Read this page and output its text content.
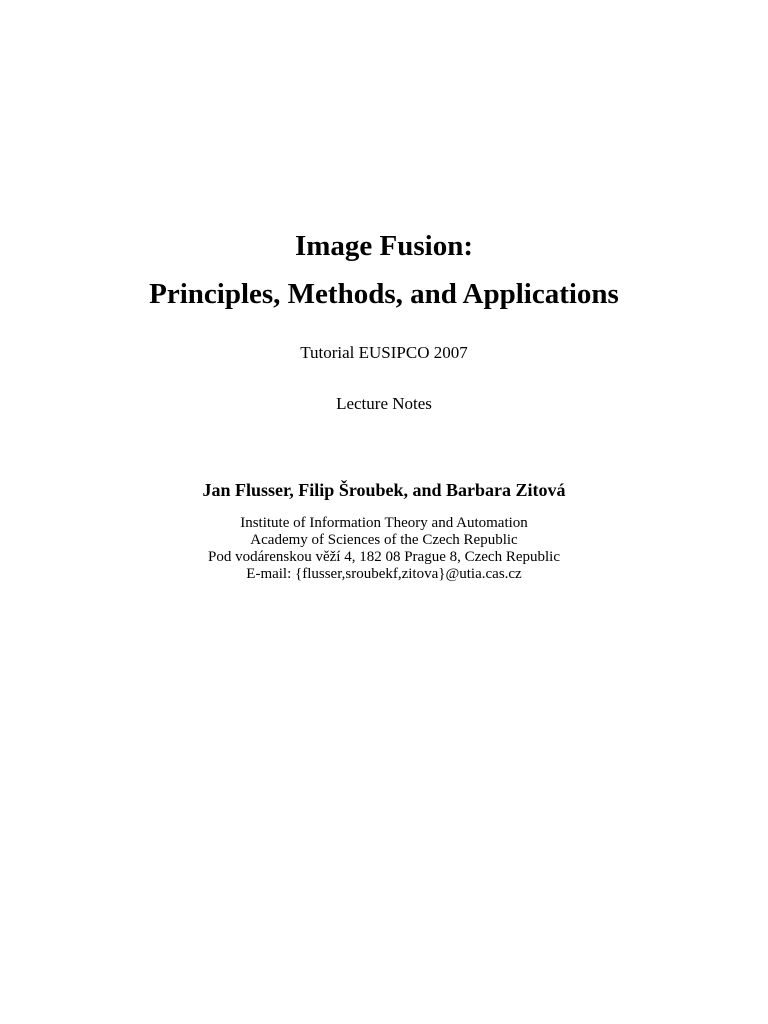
Image Fusion:
Principles, Methods, and Applications

Tutorial EUSIPCO 2007

Lecture Notes

Jan Flusser, Filip Šroubek, and Barbara Zitová

Institute of Information Theory and Automation

Academy of Sciences of the Czech Republic

Pod vodárenskou věží 4, 182 08 Prague 8, Czech Republic

E-mail: {flusser,sroubekf,zitova}@utia.cas.cz
